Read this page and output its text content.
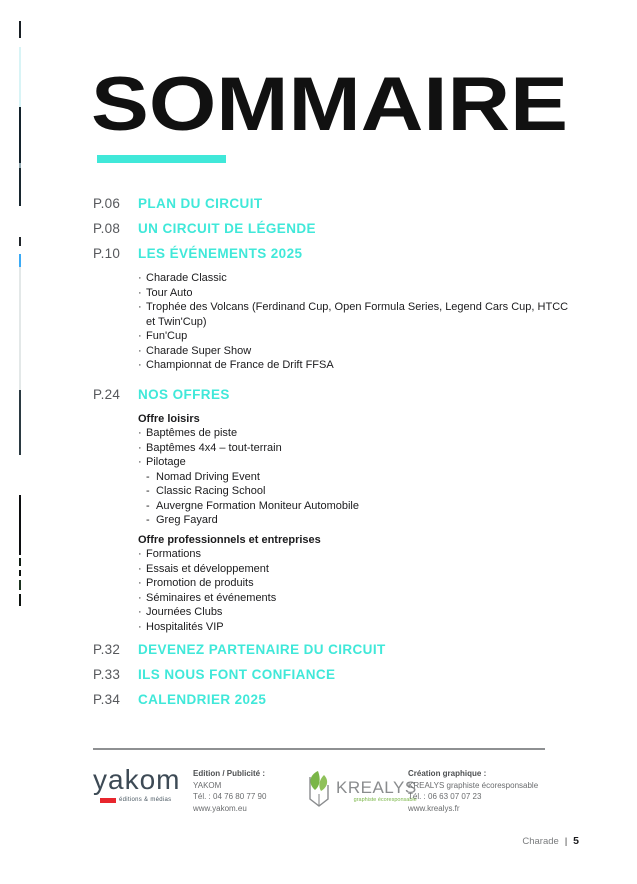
SOMMAIRE
P.06	PLAN DU CIRCUIT
P.08	UN CIRCUIT DE LÉGENDE
P.10	LES ÉVÉNEMENTS 2025
· Charade Classic
· Tour Auto
· Trophée des Volcans (Ferdinand Cup, Open Formula Series, Legend Cars Cup, HTCC et Twin'Cup)
· Fun'Cup
· Charade Super Show
· Championnat de France de Drift FFSA
P.24	NOS OFFRES
Offre loisirs
· Baptêmes de piste
· Baptêmes 4x4 – tout-terrain
· Pilotage
- Nomad Driving Event
- Classic Racing School
- Auvergne Formation Moniteur Automobile
- Greg Fayard
Offre professionnels et entreprises
· Formations
· Essais et développement
· Promotion de produits
· Séminaires et événements
· Journées Clubs
· Hospitalités VIP
P.32	DEVENEZ PARTENAIRE DU CIRCUIT
P.33	ILS NOUS FONT CONFIANCE
P.34	CALENDRIER 2025
yakom
éditions & médias
Edition / Publicité :
YAKOM
Tél. : 04 76 80 77 90
www.yakom.eu
KREALYS
graphiste écoresponsable
Création graphique :
KREALYS graphiste écoresponsable
Tél. : 06 63 07 07 23
www.krealys.fr
Charade | 5
